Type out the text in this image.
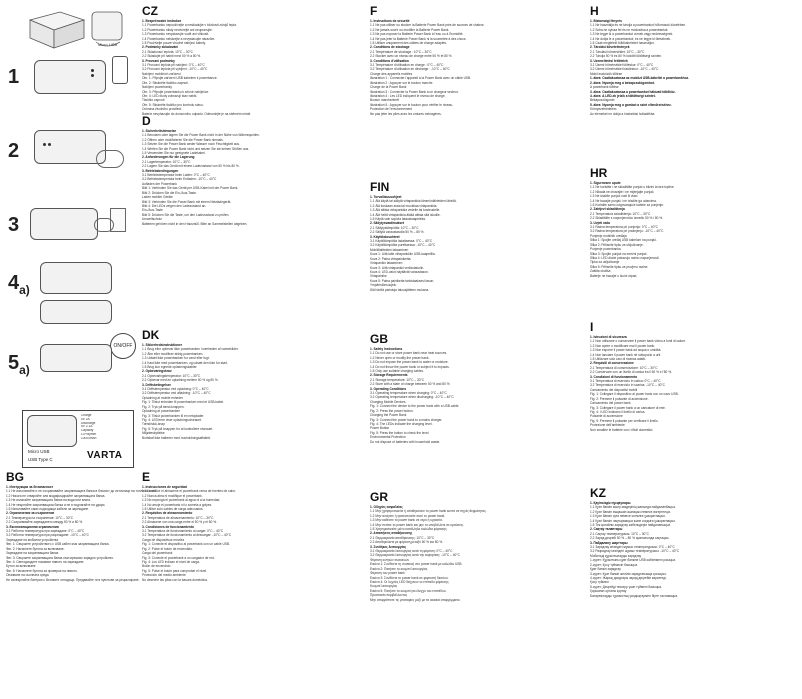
Micro USB
1
2
3
$4_{a)}$
ON/OFF
$5_{a)}$
Charge
5V 2A
Discharge
5V 2.1A
Capacity
Li-Polymer
10000mAh
Micro USB
USB Type C	VARTA
BG
1. Инструкции за безопасност
1.1 Не използвайте и не съхранявайте захранващата банка в близост до източници на топлина, като
1.2 Никога не отваряйте или модифицирайте захранващата банка.
1.3 Не излагайте захранващата банка на вода или влага.
1.4 Не хвърляйте захранващата банка и не я подлагайте на удари.
1.5 Използвайте само подходящи кабели за зареждане.
2. Ограничения за съхранение
2.1 Температура на съхранение: 10°C – 30°C
2.2 Съхранявайте зареждането между 50 % и 80 %.
3. Експлоатационни ограничения
3.1 Работна температура при зареждане: 0°C – 40°C
3.2 Работна температура при разреждане: -10°C – 40°C
Зареждане на мобилни устройства
Фиг. 1: Свържете устройството с USB кабел към захранващата банка.
Фиг. 2: Натиснете бутона за включване.
Зареждане на захранващата банка
Фиг. 3: Свържете захранващата банка към мрежово зарядно устройство.
Фиг. 4: Светодиодите показват нивото на зареждане.
Бутон за включване
Фиг. 5: Натиснете бутона за проверка на нивото.
Опазване на околната среда
Не изхвърляйте батерии с битовите отпадъци. Предавайте ги в пунктове за рециклиране.
CZ
1. Bezpečnostní instrukce
1.1 Powerbanku nepoužívejte a neskladujte v blízkosti zdrojů tepla.
1.2 Powerbanku nikdy neotvírejte ani neupravujte.
1.3 Powerbanku nevystavujte vodě ani vlhkosti.
1.4 Powerbanku neházejte a nevystavujte nárazům.
1.5 Používejte pouze vhodné nabíjecí kabely.
2. Podmínky skladování
2.1 Skladovací teplota: 10°C – 30°C
2.2 Skladujte při nabití mezi 50 % a 80 %.
3. Provozní podmínky
3.1 Provozní teplota při nabíjení: 0°C – 40°C
3.2 Provozní teplota při vybíjení: -10°C – 40°C
Nabíjení mobilních zařízení
Obr. 1: Připojte zařízení USB kabelem k powerbance.
Obr. 2: Stiskněte tlačítko zapnutí.
Nabíjení powerbanky
Obr. 3: Připojte powerbanku k síťové nabíječce.
Obr. 4: LED diody zobrazují stav nabití.
Tlačítko zapnutí
Obr. 5: Stiskněte tlačítko pro kontrolu stavu.
Ochrana životního prostředí
Baterie nevyhazujte do domovního odpadu. Odevzdejte je na sběrném místě.
D
1. Sicherheitshinweise
1.1 Benutzen oder lagern Sie die Power Bank nicht in der Nähe von Wärmequellen.
1.2 Öffnen oder modifizieren Sie die Power Bank niemals.
1.3 Setzen Sie die Power Bank weder Wasser noch Feuchtigkeit aus.
1.4 Werfen Sie die Power Bank nicht und setzen Sie sie keinen Stößen aus.
1.5 Verwenden Sie nur geeignete Ladekabel.
2. Anforderungen für die Lagerung
2.1 Lagertemperatur: 10°C – 30°C
2.2 Lagern Sie das Gerät mit einem Ladezustand von 50 % bis 80 %.
3. Betriebsbedingungen
3.1 Betriebstemperatur beim Laden: 0°C – 40°C
3.2 Betriebstemperatur beim Entladen: -10°C – 40°C
Aufladen der Powerbank
Bild 1: Verbinden Sie das Gerät per USB-Kabel mit der Power Bank.
Bild 2: Drücken Sie die Ein-/Aus-Taste.
Laden mobiler Geräte
Bild 3: Verbinden Sie die Power Bank mit einem Netzladegerät.
Bild 4: Die LEDs zeigen den Ladezustand an.
Ein-/Aus-Taste
Bild 5: Drücken Sie die Taste, um den Ladezustand zu prüfen.
Umweltschutz
Batterien gehören nicht in den Hausmüll. Bitte an Sammelstellen abgeben.
DK
1. Sikkerhedsinstruktioner
1.1 Brug eller opbevar ikke powerbanken i nærheden af varmekilder.
1.2 Åbn eller modificer aldrig powerbanken.
1.3 Udsæt ikke powerbanken for vand eller fugt.
1.4 Kast ikke med powerbanken, og udsæt den ikke for stød.
1.5 Brug kun egnede opladningskabler.
2. Opbevaringskrav
2.1 Opbevaringstemperatur: 10°C – 30°C
2.2 Opbevar med en opladning mellem 50 % og 80 %.
3. Driftsbetingelser
3.1 Driftstemperatur ved opladning: 0°C – 40°C
3.2 Driftstemperatur ved afladning: -10°C – 40°C
Opladning af mobile enheder
Fig. 1: Tilslut enheden til powerbanken med et USB-kabel.
Fig. 2: Tryk på tænd-knappen.
Opladning af powerbanken
Fig. 3: Tilslut powerbanken til en netoplader.
Fig. 4: LED'erne viser opladningsniveauet.
Tænd/sluk-knap
Fig. 5: Tryk på knappen for at kontrollere niveauet.
Miljøbeskyttelse
Bortskaf ikke batterier med husholdningsaffaldet.
E
1. Instrucciones de seguridad
1.1 No utilice ni almacene el powerbank cerca de fuentes de calor.
1.2 Nunca abra ni modifique el powerbank.
1.3 No exponga el powerbank al agua ni a la humedad.
1.4 No arroje el powerbank ni lo someta a golpes.
1.5 Utilice solo cables de carga adecuados.
2. Requisitos de almacenamiento
2.1 Temperatura de almacenamiento: 10°C – 30°C
2.2 Almacene con una carga entre el 50 % y el 80 %.
3. Condiciones de funcionamiento
3.1 Temperatura de funcionamiento al cargar: 0°C – 40°C
3.2 Temperatura de funcionamiento al descargar: -10°C – 40°C
Carga de dispositivos móviles
Fig. 1: Conecte el dispositivo al powerbank con un cable USB.
Fig. 2: Pulse el botón de encendido.
Carga del powerbank
Fig. 3: Conecte el powerbank a un cargador de red.
Fig. 4: Los LED indican el nivel de carga.
Botón de encendido
Fig. 5: Pulse el botón para comprobar el nivel.
Protección del medio ambiente
No deseche las pilas con la basura doméstica.
F
1. Instructions de sécurité
1.1 Ne pas utiliser ou stocker la Batterie Power Bank près de sources de chaleur.
1.2 Ne jamais ouvrir ou modifier la Batterie Power Bank.
1.3 Ne pas exposer la Batterie Power Bank à l'eau ou à l'humidité.
1.4 Ne pas jeter la Batterie Power Bank ni la soumettre à des chocs.
1.5 Utiliser uniquement des câbles de charge adaptés.
2. Conditions de stockage
2.1 Température de stockage : 10°C – 30°C
2.2 Stocker avec un niveau de charge entre 50 % et 80 %.
3. Conditions d'utilisation
3.1 Température d'utilisation en charge : 0°C – 40°C
3.2 Température d'utilisation en décharge : -10°C – 40°C
Charge des appareils mobiles
Illustration 1 : Connecter l'appareil à la Power Bank avec un câble USB.
Illustration 2 : Appuyer sur le bouton marche.
Charge de la Power Bank
Illustration 3 : Connecter la Power Bank à un chargeur secteur.
Illustration 4 : Les LED indiquent le niveau de charge.
Bouton marche/arrêt
Illustration 5 : Appuyer sur le bouton pour vérifier le niveau.
Protection de l'environnement
Ne pas jeter les piles avec les ordures ménagères.
FIN
1. Turvallisuusohjeet
1.1 Älä käytä tai säilytä virtapankkia lämmönlähteiden lähellä.
1.2 Älä koskaan avaa tai muokkaa virtapankkia.
1.3 Älä altista virtapankkia vedelle tai kosteudelle.
1.4 Älä heitä virtapankkia äläkä altista sitä iskuille.
1.5 Käytä vain sopivia latauskaapeleita.
2. Säilytysvaatimukset
2.1 Säilytyslämpötila: 10°C – 30°C
2.2 Säilytä varaustasolla 50 % – 80 %.
3. Käyttöolosuhteet
3.1 Käyttölämpötila ladattaessa: 0°C – 40°C
3.2 Käyttölämpötila purettaessa: -10°C – 40°C
Mobiililaitteiden lataaminen
Kuva 1: Liitä laite virtapankkiin USB-kaapelilla.
Kuva 2: Paina virtapainiketta.
Virtapankin lataaminen
Kuva 3: Liitä virtapankki verkkolaturiin.
Kuva 4: LED-valot näyttävät varaustason.
Virtapainike
Kuva 5: Paina painiketta tarkistaaksesi tason.
Ympäristönsuojelu
Älä hävitä paristoja talousjätteen mukana.
GB
1. Safety Instructions
1.1 Do not use or store power bank near heat sources.
1.2 Never open or modify the power bank.
1.3 Do not expose the power bank to water or moisture.
1.4 Do not throw the power bank or subject it to impacts.
1.5 Only use suitable charging cables.
2. Storage Requirements
2.1 Storage temperature: 10°C – 30°C
2.2 Store with a state of charge between 50 % and 80 %.
3. Operating Conditions
3.1 Operating temperature when charging: 0°C – 40°C
3.2 Operating temperature when discharging: -10°C – 40°C
Charging Mobile Devices
Fig. 1: Connect the device to the power bank with a USB cable.
Fig. 2: Press the power button.
Charging the Power Bank
Fig. 3: Connect the power bank to a mains charger.
Fig. 4: The LEDs indicate the charging level.
Power Button
Fig. 5: Press the button to check the level.
Environmental Protection
Do not dispose of batteries with household waste.
GR
1. Οδηγίες ασφαλείας
1.1 Μην χρησιμοποιείτε ή αποθηκεύετε το power bank κοντά σε πηγές θερμότητας.
1.2 Μην ανοίγετε ή τροποποιείτε ποτέ το power bank.
1.3 Μην εκθέτετε το power bank σε νερό ή υγρασία.
1.4 Μην πετάτε το power bank και μην το υποβάλλετε σε κρούσεις.
1.5 Χρησιμοποιείτε μόνο κατάλληλα καλώδια φόρτισης.
2. Απαιτήσεις αποθήκευσης
2.1 Θερμοκρασία αποθήκευσης: 10°C – 30°C
2.2 Αποθηκεύστε με φόρτιση μεταξύ 50 % και 80 %.
3. Συνθήκες λειτουργίας
3.1 Θερμοκρασία λειτουργίας κατά τη φόρτιση: 0°C – 40°C
3.2 Θερμοκρασία λειτουργίας κατά την εκφόρτιση: -10°C – 40°C
Φόρτιση κινητών συσκευών
Εικόνα 1: Συνδέστε τη συσκευή στο power bank με καλώδιο USB.
Εικόνα 2: Πατήστε το κουμπί λειτουργίας.
Φόρτιση του power bank
Εικόνα 3: Συνδέστε το power bank σε φορτιστή δικτύου.
Εικόνα 4: Οι λυχνίες LED δείχνουν το επίπεδο φόρτισης.
Κουμπί λειτουργίας
Εικόνα 5: Πατήστε το κουμπί για έλεγχο του επιπέδου.
Προστασία περιβάλλοντος
Μην απορρίπτετε τις μπαταρίες μαζί με τα οικιακά απορρίμματα.
H
1. Biztonsági fényrés
1.1 Ne használja és ne tárolja a powerbankot hőforrások közelében.
1.2 Soha ne nyissa fel és ne módosítsa a powerbankot.
1.3 Ne tegye ki a powerbankot víznek vagy nedvességnek.
1.4 Ne dobja le a powerbankot, és ne tegye ki ütéseknek.
1.5 Csak megfelelő töltőkábeleket használjon.
2. Tárolási követelmények
2.1 Tárolási hőmérséklet: 10°C – 30°C
2.2 Tárolja 50 % és 80 % közötti töltöttségi szinten.
3. Üzemeltetési feltételek
3.1 Üzemi hőmérséklet töltéskor: 0°C – 40°C
3.2 Üzemi hőmérséklet kisütéskor: -10°C – 40°C
Mobil eszközök töltése
1. ábra: Csatlakoztassa az eszközt USB-kábellel a powerbankhoz.
2. ábra: Nyomja meg a bekapcsológombot.
A powerbank töltése
3. ábra: Csatlakoztassa a powerbankot hálózati töltőhöz.
4. ábra: A LED-ek jelzik a töltöttségi szintet.
Bekapcsológomb
5. ábra: Nyomja meg a gombot a szint ellenőrzéséhez.
Környezetvédelem
Az elemeket ne dobja a háztartási hulladékba.
HR
1. Sigurnosne upute
1.1 Ne koristite i ne skladištite punjač u blizini izvora topline.
1.2 Nikada ne otvarajte i ne mijenjajte punjač.
1.3 Ne izlažite punjač vodi ili vlazi.
1.4 Ne bacajte punjač i ne izlažite ga udarcima.
1.5 Koristite samo odgovarajuće kabele za punjenje.
2. Zahtjevi skladištenja
2.1 Temperatura skladištenja: 10°C – 30°C
2.2 Skladištite s napunjenošću između 50 % i 80 %.
3. Uvjeti rada
3.1 Radna temperatura pri punjenju: 0°C – 40°C
3.2 Radna temperatura pri pražnjenju: -10°C – 40°C
Punjenje mobilnih uređaja
Slika 1: Spojite uređaj USB kabelom na punjač.
Slika 2: Pritisnite tipku za uključivanje.
Punjenje powerbanka
Slika 3: Spojite punjač na mrežni punjač.
Slika 4: LED diode pokazuju razinu napunjenosti.
Tipka za uključivanje
Slika 5: Pritisnite tipku za provjeru razine.
Zaštita okoliša
Baterije ne bacajte u kućni otpad.
I
1. Istruzioni di sicurezza
1.1 Non utilizzare o conservare il power bank vicino a fonti di calore.
1.2 Non aprire o modificare mai il power bank.
1.3 Non esporre il power bank ad acqua o umidità.
1.4 Non lanciare il power bank né sottoporlo a urti.
1.5 Utilizzare solo cavi di ricarica adatti.
2. Requisiti di conservazione
2.1 Temperatura di conservazione: 10°C – 30°C
2.2 Conservare con un livello di carica tra il 50 % e l'80 %.
3. Condizioni di funzionamento
3.1 Temperatura di esercizio in carica: 0°C – 40°C
3.2 Temperatura di esercizio in scarica: -10°C – 40°C
Caricamento dei dispositivi mobili
Fig. 1: Collegare il dispositivo al power bank con un cavo USB.
Fig. 2: Premere il pulsante di accensione.
Caricamento del power bank
Fig. 3: Collegare il power bank a un caricatore di rete.
Fig. 4: I LED indicano il livello di carica.
Pulsante di accensione
Fig. 5: Premere il pulsante per verificare il livello.
Protezione dell'ambiente
Non smaltire le batterie con i rifiuti domestici.
KZ
1. Қауіпсіздік нұсқаулары
1.1 Қуат банкін жылу көздерінің жанында пайдаланбаңыз.
1.2 Қуат банкін ешқашан ашпаңыз немесе өзгертпеңіз.
1.3 Қуат банкін суға немесе ылғалға ұшыратпаңыз.
1.4 Қуат банкін лақтырмаңыз және соққыға ұшыратпаңыз.
1.5 Тек қолайлы зарядтау кабельдерін пайдаланыңыз.
2. Сақтау талаптары
2.1 Сақтау температурасы: 10°C – 30°C
2.2 Заряд деңгейі 50 % – 80 % аралығында сақтаңыз.
3. Пайдалану шарттары
3.1 Зарядтау кезіндегі жұмыс температурасы: 0°C – 40°C
3.2 Разрядтау кезіндегі жұмыс температурасы: -10°C – 40°C
Мобильді құрылғыларды зарядтау
1-сурет: Құрылғыны қуат банкіне USB кабелімен қосыңыз.
2-сурет: Қосу түймесін басыңыз.
Қуат банкін зарядтау
3-сурет: Қуат банкін желілік зарядтағышқа қосыңыз.
4-сурет: Жарық диодтары заряд деңгейін көрсетеді.
Қосу түймесі
5-сурет: Деңгейді тексеру үшін түймені басыңыз.
Қоршаған ортаны қорғау
Батареяларды тұрмыстық қалдықтармен бірге тастамаңыз.
